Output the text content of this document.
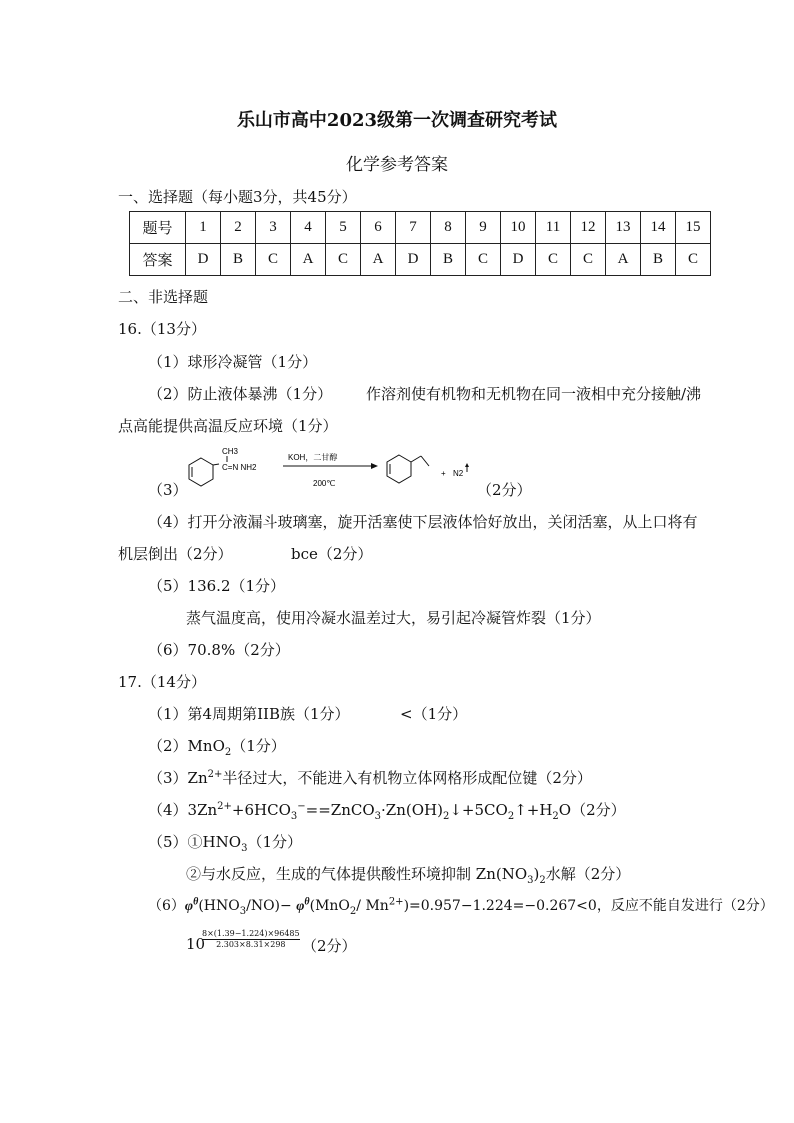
乐山市高中2023级第一次调查研究考试
化学参考答案
一、选择题（每小题3分，共45分）
题号	1	2	3	4	5	6	7	8	9	10	11	12	13	14	15
答案	D	B	C	A	C	A	D	B	C	D	C	C	A	B	C
二、非选择题
16.（13分）
（1）球形冷凝管（1分）
（2）防止液体暴沸（1分） 作溶剂使有机物和无机物在同一液相中充分接触/沸
点高能提供高温反应环境（1分）
（3）
CH3
C=N NH2
KOH，二甘醇
200℃
+ N2
（2分）
（4）打开分液漏斗玻璃塞，旋开活塞使下层液体恰好放出，关闭活塞，从上口将有
机层倒出（2分）	bce（2分）
（5）136.2（1分）
蒸气温度高，使用冷凝水温差过大，易引起冷凝管炸裂（1分）
（6）70.8%（2分）
17.（14分）
（1）第4周期第IIB族（1分）	<（1分）
（2）MnO$_2$（1分）
$(3)Zn^{2+}$半径过大，不能进入有机物立体网格形成配位键（2分）
$(4)3Zn^{2+}+6HCO_3^-==ZnCO_3\cdot Zn(OH)_2↓+5CO_2↑+H_2O(2$分）
$(5)①HNO_3(1$分）
②与水反应，生成的气体提供酸性环境抑制 $Zn(NO_3)_2$水解（2分）
$(6)\varphi^\theta(HNO_3/NO)- \varphi^\theta(MnO_2/$ $Mn^{2+})=0.957-1.224=-0.267<0$，反应不能自发进行（2分）
10
$\frac{8\times(1.39-1.224)\times 96485}{2.303\times 8.31\times 298} (2$分）
